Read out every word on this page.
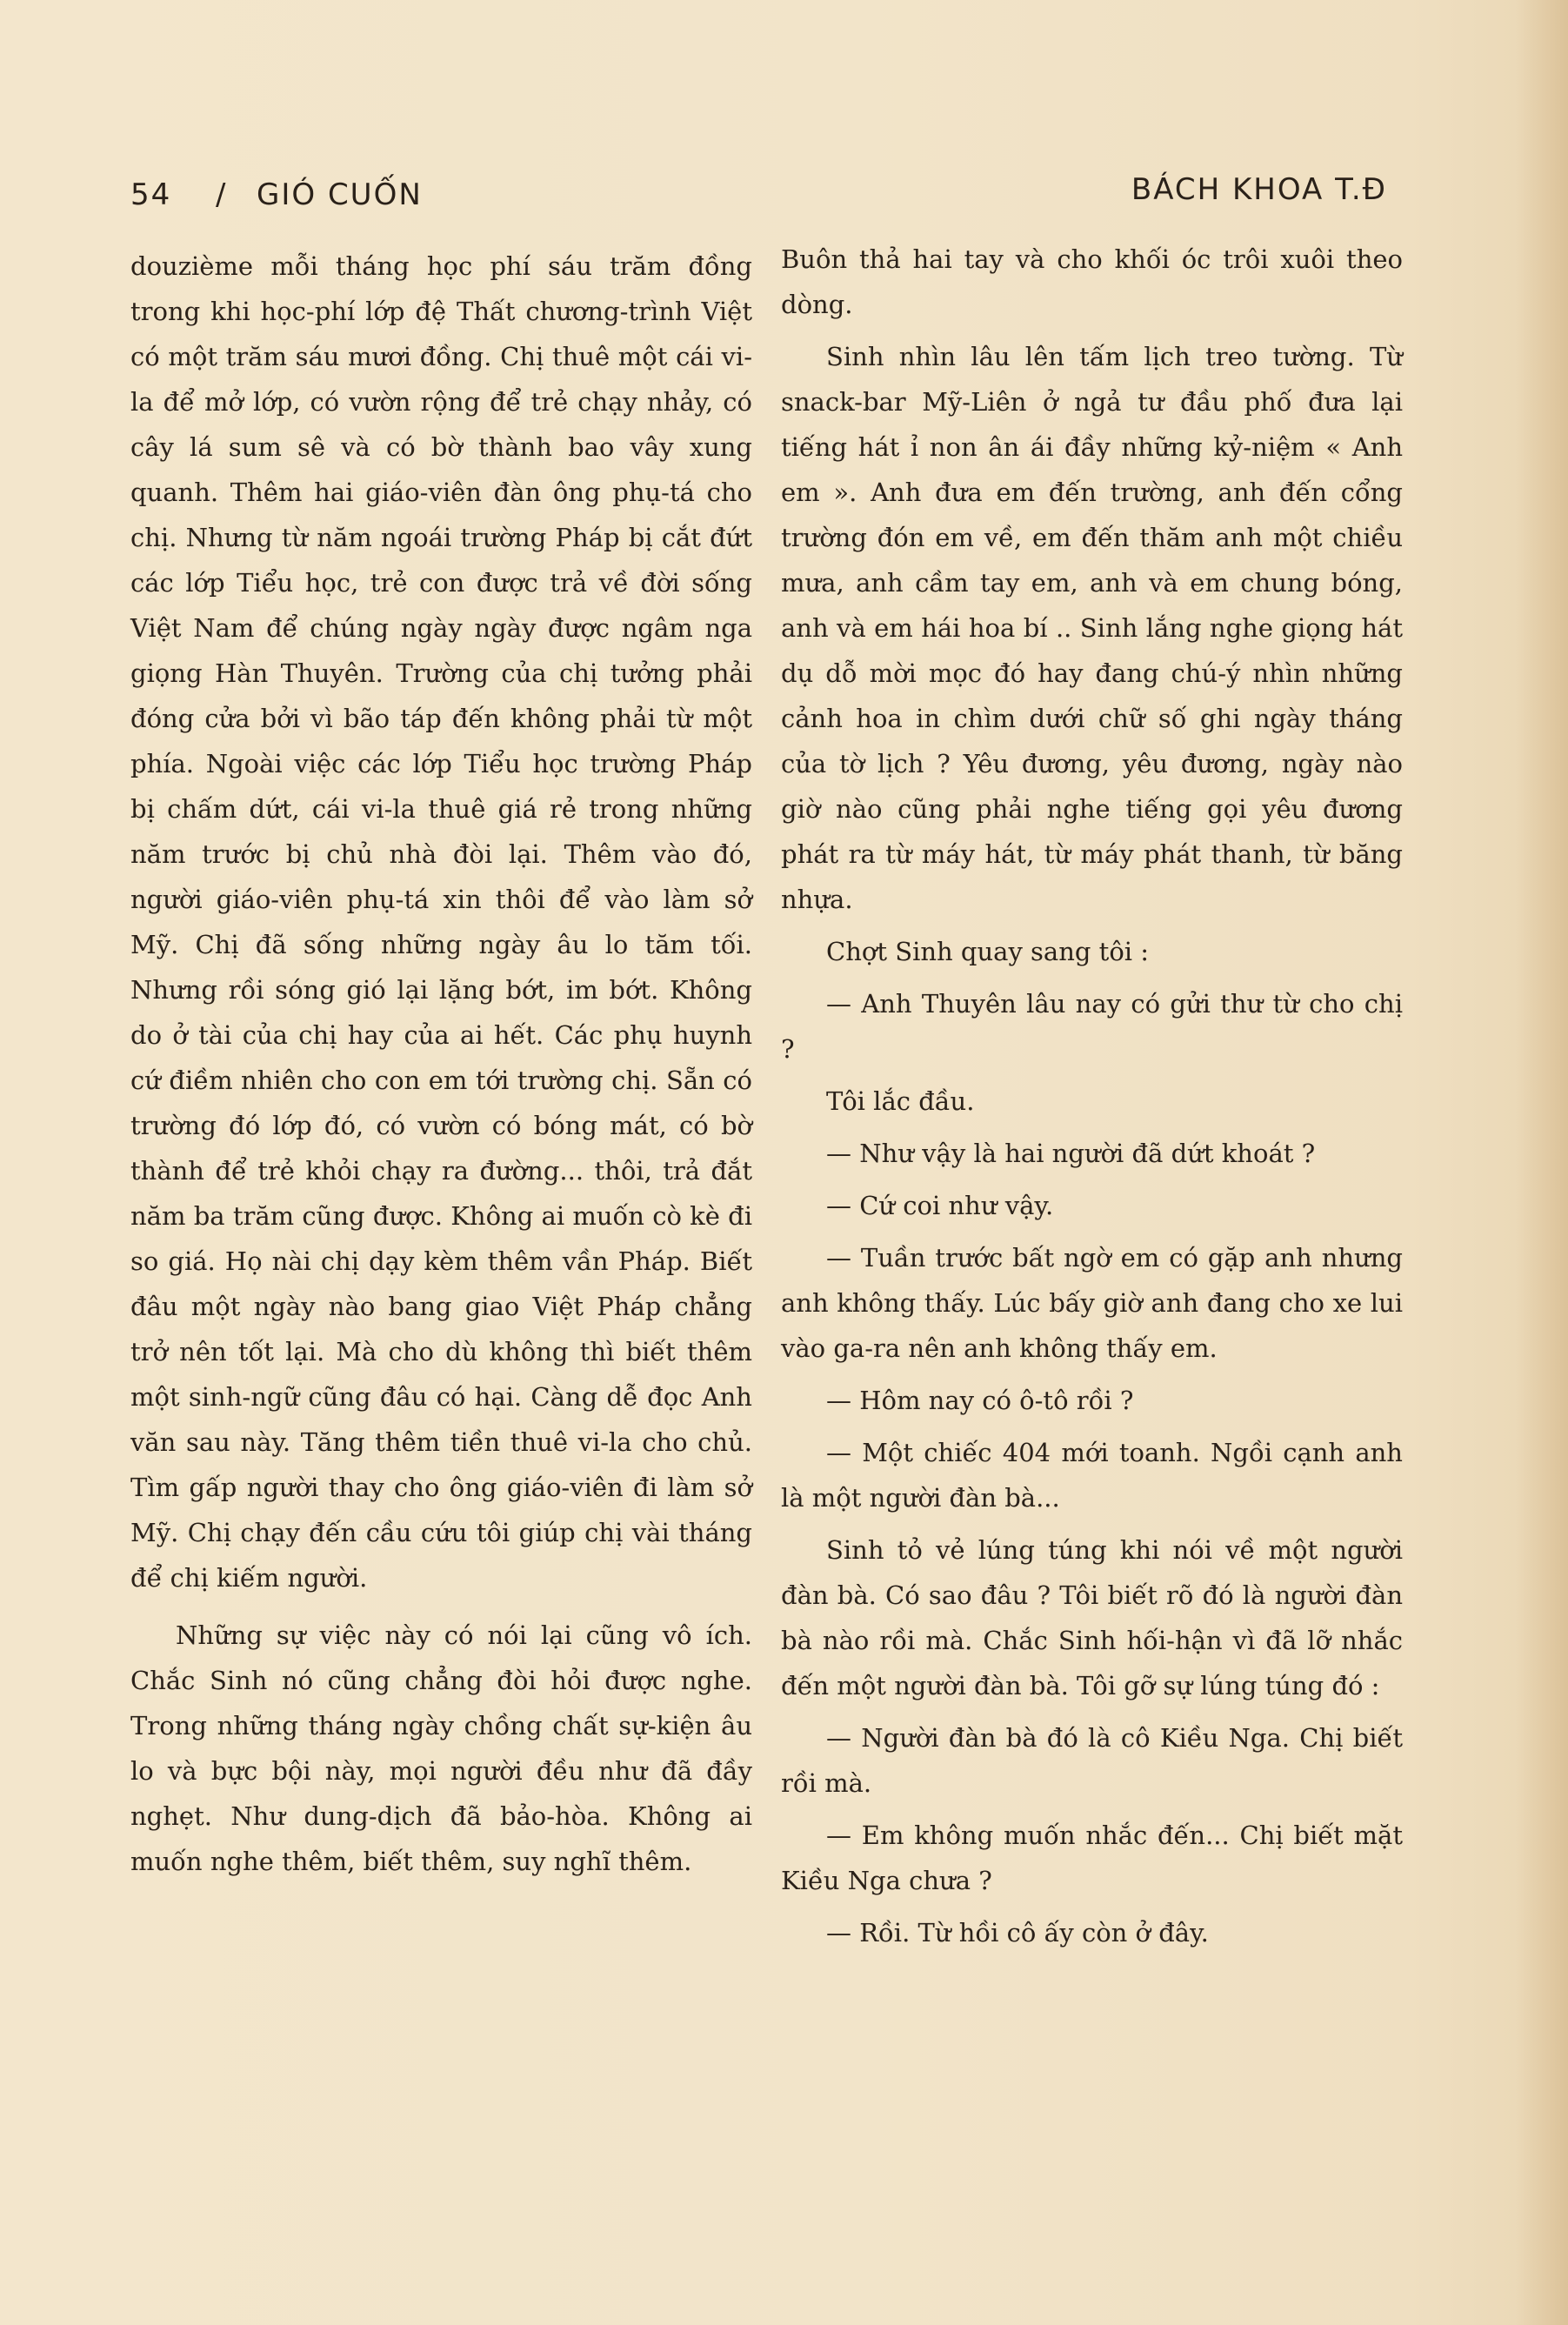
54 / GIÓ CUỐN	BÁCH KHOA T.Đ

douzième mỗi tháng học phí sáu trăm đồng trong khi học-phí lớp đệ Thất chương-trình Việt có một trăm sáu mươi đồng. Chị thuê một cái vi-la để mở lớp, có vườn rộng để trẻ chạy nhảy, có cây lá sum sê và có bờ thành bao vây xung quanh. Thêm hai giáo-viên đàn ông phụ-tá cho chị. Nhưng từ năm ngoái trường Pháp bị cắt đứt các lớp Tiểu học, trẻ con được trả về đời sống Việt Nam để chúng ngày ngày được ngâm nga giọng Hàn Thuyên. Trường của chị tưởng phải đóng cửa bởi vì bão táp đến không phải từ một phía. Ngoài việc các lớp Tiểu học trường Pháp bị chấm dứt, cái vi-la thuê giá rẻ trong những năm trước bị chủ nhà đòi lại. Thêm vào đó, người giáo-viên phụ-tá xin thôi để vào làm sở Mỹ. Chị đã sống những ngày âu lo tăm tối. Nhưng rồi sóng gió lại lặng bớt, im bớt. Không do ở tài của chị hay của ai hết. Các phụ huynh cứ điềm nhiên cho con em tới trường chị. Sẵn có trường đó lớp đó, có vườn có bóng mát, có bờ thành để trẻ khỏi chạy ra đường... thôi, trả đắt năm ba trăm cũng được. Không ai muốn cò kè đi so giá. Họ nài chị dạy kèm thêm vần Pháp. Biết đâu một ngày nào bang giao Việt Pháp chẳng trở nên tốt lại. Mà cho dù không thì biết thêm một sinh-ngữ cũng đâu có hại. Càng dễ đọc Anh văn sau này. Tăng thêm tiền thuê vi-la cho chủ. Tìm gấp người thay cho ông giáo-viên đi làm sở Mỹ. Chị chạy đến cầu cứu tôi giúp chị vài tháng để chị kiếm người.

Những sự việc này có nói lại cũng vô ích. Chắc Sinh nó cũng chẳng đòi hỏi được nghe. Trong những tháng ngày chồng chất sự-kiện âu lo và bực bội này, mọi người đều như đã đầy nghẹt. Như dung-dịch đã bảo-hòa. Không ai muốn nghe thêm, biết thêm, suy nghĩ thêm.

Buôn thả hai tay và cho khối óc trôi xuôi theo dòng.

Sinh nhìn lâu lên tấm lịch treo tường. Từ snack-bar Mỹ-Liên ở ngả tư đầu phố đưa lại tiếng hát ỉ non ân ái đầy những kỷ-niệm « Anh em ». Anh đưa em đến trường, anh đến cổng trường đón em về, em đến thăm anh một chiều mưa, anh cầm tay em, anh và em chung bóng, anh và em hái hoa bí .. Sinh lắng nghe giọng hát dụ dỗ mời mọc đó hay đang chú-ý nhìn những cảnh hoa in chìm dưới chữ số ghi ngày tháng của tờ lịch ? Yêu đương, yêu đương, ngày nào giờ nào cũng phải nghe tiếng gọi yêu đương phát ra từ máy hát, từ máy phát thanh, từ băng nhựa.

Chợt Sinh quay sang tôi :

— Anh Thuyên lâu nay có gửi thư từ cho chị ?

Tôi lắc đầu.

— Như vậy là hai người đã dứt khoát ?

— Cứ coi như vậy.

— Tuần trước bất ngờ em có gặp anh nhưng anh không thấy. Lúc bấy giờ anh đang cho xe lui vào ga-ra nên anh không thấy em.

— Hôm nay có ô-tô rồi ?

— Một chiếc 404 mới toanh. Ngồi cạnh anh là một người đàn bà...

Sinh tỏ vẻ lúng túng khi nói về một người đàn bà. Có sao đâu ? Tôi biết rõ đó là người đàn bà nào rồi mà. Chắc Sinh hối-hận vì đã lỡ nhắc đến một người đàn bà. Tôi gỡ sự lúng túng đó :

— Người đàn bà đó là cô Kiều Nga. Chị biết rồi mà.

— Em không muốn nhắc đến... Chị biết mặt Kiều Nga chưa ?

— Rồi. Từ hồi cô ấy còn ở đây.
